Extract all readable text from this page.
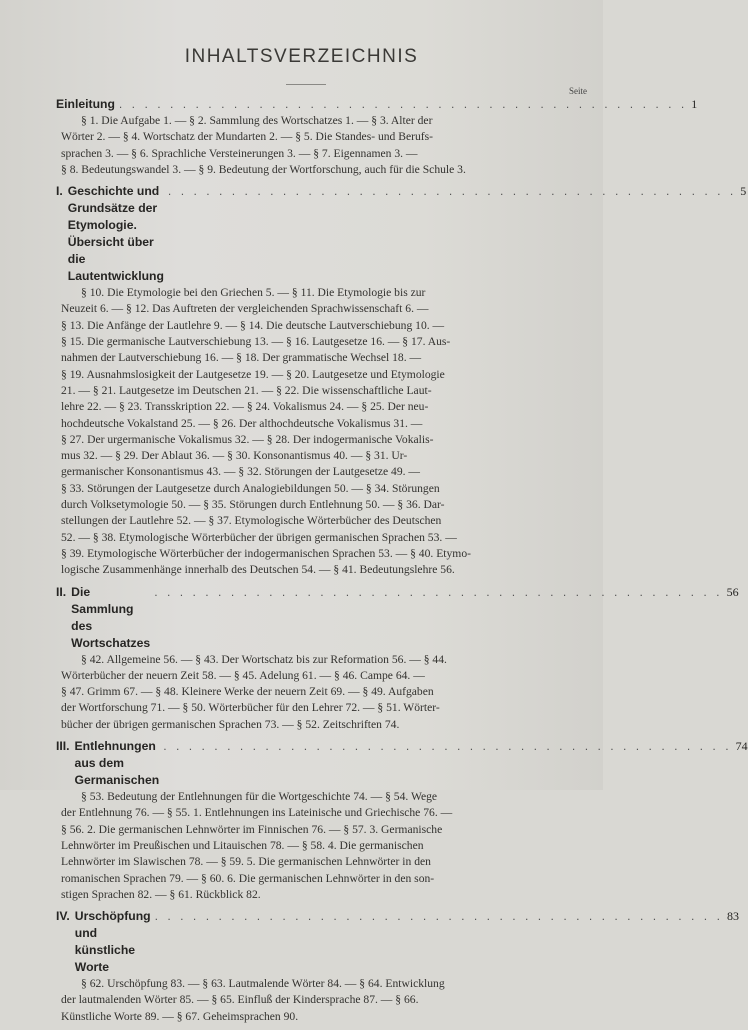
INHALTSVERZEICHNIS
Seite
Einleitung . . . . . . . . . . . . . . . . . . . . . . . . . . . . . . . . . . . . . . . . . . . . . 1

§ 1. Die Aufgabe 1. — § 2. Sammlung des Wortschatzes 1. — § 3. Alter der

Wörter 2. — § 4. Wortschatz der Mundarten 2. — § 5. Die Standes- und Berufs-

sprachen 3. — § 6. Sprachliche Versteinerungen 3. — § 7. Eigennamen 3. —

§ 8. Bedeutungswandel 3. — § 9. Bedeutung der Wortforschung, auch für die Schule 3.

I. Geschichte und Grundsätze der Etymologie. Übersicht über die Lautentwicklung
. . . . . . . . . . . . . . . . . . . . . . . . . . . . . . . . . . . . . . . . . . . . . 5

§ 10. Die Etymologie bei den Griechen 5. — § 11. Die Etymologie bis zur

Neuzeit 6. — § 12. Das Auftreten der vergleichenden Sprachwissenschaft 6. —

§ 13. Die Anfänge der Lautlehre 9. — § 14. Die deutsche Lautverschiebung 10. —

§ 15. Die germanische Lautverschiebung 13. — § 16. Lautgesetze 16. — § 17. Aus-

nahmen der Lautverschiebung 16. — § 18. Der grammatische Wechsel 18. —

§ 19. Ausnahmslosigkeit der Lautgesetze 19. — § 20. Lautgesetze und Etymologie

21. — § 21. Lautgesetze im Deutschen 21. — § 22. Die wissenschaftliche Laut-

lehre 22. — § 23. Transskription 22. — § 24. Vokalismus 24. — § 25. Der neu-

hochdeutsche Vokalstand 25. — § 26. Der althochdeutsche Vokalismus 31. —

§ 27. Der urgermanische Vokalismus 32. — § 28. Der indogermanische Vokalis-

mus 32. — § 29. Der Ablaut 36. — § 30. Konsonantismus 40. — § 31. Ur-

germanischer Konsonantismus 43. — § 32. Störungen der Lautgesetze 49. —

§ 33. Störungen der Lautgesetze durch Analogiebildungen 50. — § 34. Störungen

durch Volksetymologie 50. — § 35. Störungen durch Entlehnung 50. — § 36. Dar-

stellungen der Lautlehre 52. — § 37. Etymologische Wörterbücher des Deutschen

52. — § 38. Etymologische Wörterbücher der übrigen germanischen Sprachen 53. —

§ 39. Etymologische Wörterbücher der indogermanischen Sprachen 53. — § 40. Etymo-

logische Zusammenhänge innerhalb des Deutschen 54. — § 41. Bedeutungslehre 56.

II. Die Sammlung des Wortschatzes
. . . . . . . . . . . . . . . . . . . . . . . . . . . . . . . . . . . . . . . . . . . . . 56

§ 42. Allgemeine 56. — § 43. Der Wortschatz bis zur Reformation 56. — § 44.

Wörterbücher der neuern Zeit 58. — § 45. Adelung 61. — § 46. Campe 64. —

§ 47. Grimm 67. — § 48. Kleinere Werke der neuern Zeit 69. — § 49. Aufgaben

der Wortforschung 71. — § 50. Wörterbücher für den Lehrer 72. — § 51. Wörter-

bücher der übrigen germanischen Sprachen 73. — § 52. Zeitschriften 74.

III. Entlehnungen aus dem Germanischen
. . . . . . . . . . . . . . . . . . . . . . . . . . . . . . . . . . . . . . . . . . . . . 74

§ 53. Bedeutung der Entlehnungen für die Wortgeschichte 74. — § 54. Wege

der Entlehnung 76. — § 55. 1. Entlehnungen ins Lateinische und Griechische 76. —

§ 56. 2. Die germanischen Lehnwörter im Finnischen 76. — § 57. 3. Germanische

Lehnwörter im Preußischen und Litauischen 78. — § 58. 4. Die germanischen

Lehnwörter im Slawischen 78. — § 59. 5. Die germanischen Lehnwörter in den

romanischen Sprachen 79. — § 60. 6. Die germanischen Lehnwörter in den son-

stigen Sprachen 82. — § 61. Rückblick 82.

IV. Urschöpfung und künstliche Worte
. . . . . . . . . . . . . . . . . . . . . . . . . . . . . . . . . . . . . . . . . . . . . 83

§ 62. Urschöpfung 83. — § 63. Lautmalende Wörter 84. — § 64. Entwicklung

der lautmalenden Wörter 85. — § 65. Einfluß der Kindersprache 87. — § 66.

Künstliche Worte 89. — § 67. Geheimsprachen 90.
